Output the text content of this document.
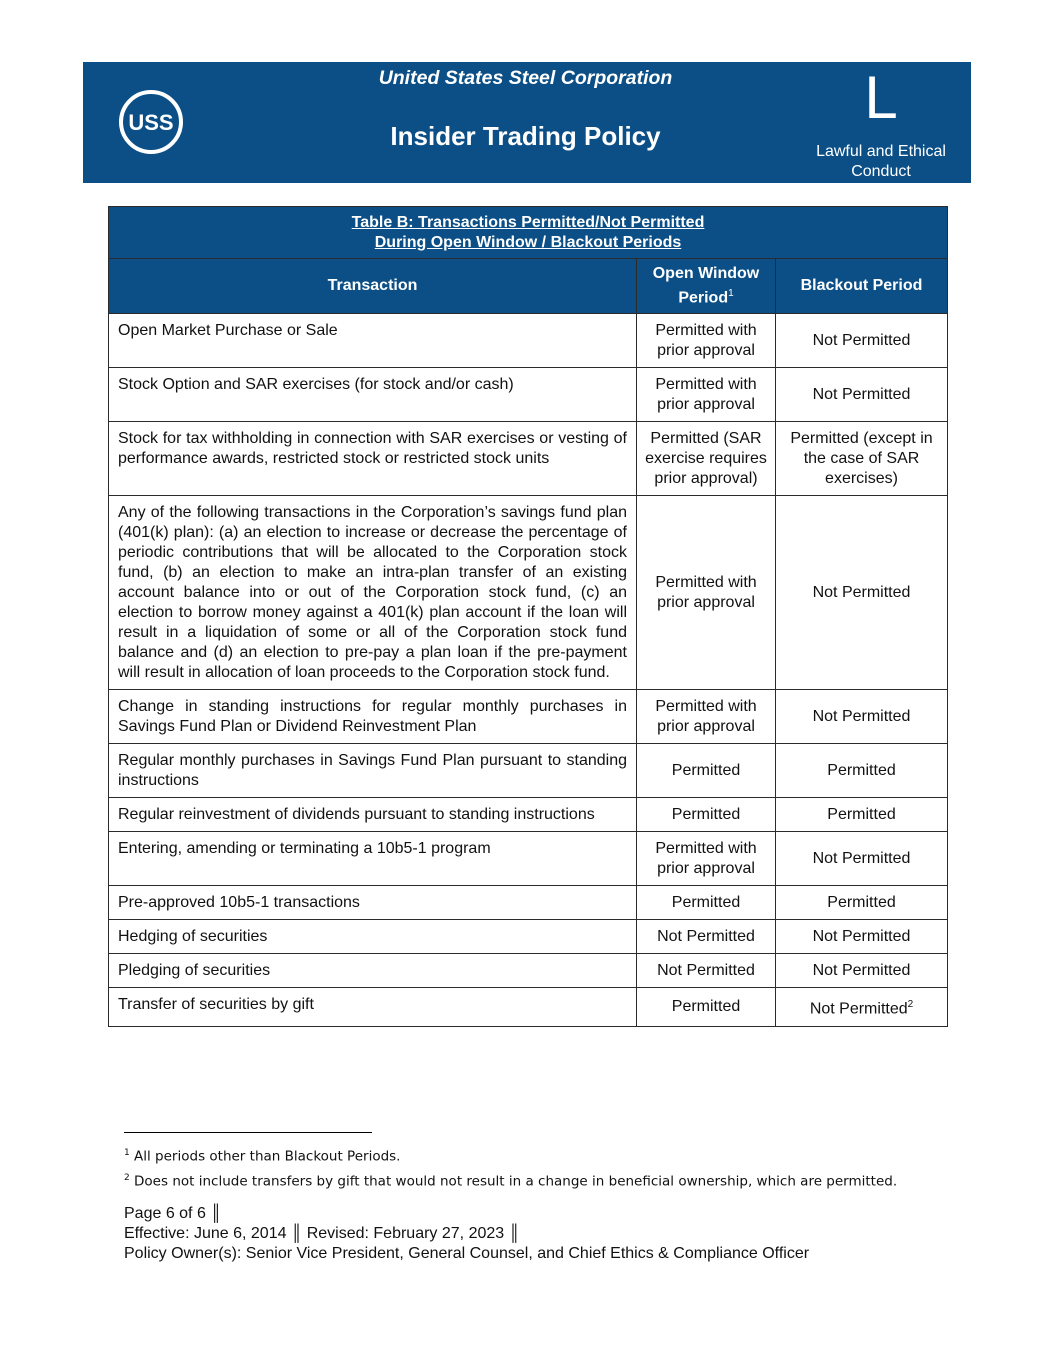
USS
United States Steel Corporation
Insider Trading Policy
L
Lawful and Ethical
Conduct
Table B: Transactions Permitted/Not Permitted
During Open Window / Blackout Periods		

Transaction	Open Window Period$^1$	Blackout Period
Open Market Purchase or Sale	Permitted with prior approval	Not Permitted
Stock Option and SAR exercises (for stock and/or cash)	Permitted with prior approval	Not Permitted
Stock for tax withholding in connection with SAR exercises or vesting of performance awards, restricted stock or restricted stock units	Permitted (SAR exercise requires prior approval)	Permitted (except in the case of SAR exercises)
Any of the following transactions in the Corporation’s savings fund plan (401(k) plan): (a) an election to increase or decrease the percentage of periodic contributions that will be allocated to the Corporation stock fund, (b) an election to make an intra-plan transfer of an existing account balance into or out of the Corporation stock fund, (c) an election to borrow money against a 401(k) plan account if the loan will result in a liquidation of some or all of the Corporation stock fund balance and (d) an election to pre-pay a plan loan if the pre-payment will result in allocation of loan proceeds to the Corporation stock fund.	Permitted with prior approval	Not Permitted
Change in standing instructions for regular monthly purchases in Savings Fund Plan or Dividend Reinvestment Plan	Permitted with prior approval	Not Permitted
Regular monthly purchases in Savings Fund Plan pursuant to standing instructions	Permitted	Permitted
Regular reinvestment of dividends pursuant to standing instructions	Permitted	Permitted
Entering, amending or terminating a 10b5-1 program	Permitted with prior approval	Not Permitted
Pre-approved 10b5-1 transactions	Permitted	Permitted
Hedging of securities	Not Permitted	Not Permitted
Pledging of securities	Not Permitted	Not Permitted
Transfer of securities by gift	Permitted	Not Permitted$^2$

$^1$ All periods other than Blackout Periods.

$^2$ Does not include transfers by gift that would not result in a change in beneficial ownership, which are permitted.

Page 6 of 6 ║
Effective: June 6, 2014 ║ Revised: February 27, 2023 ║
Policy Owner(s): Senior Vice President, General Counsel, and Chief Ethics & Compliance Officer
